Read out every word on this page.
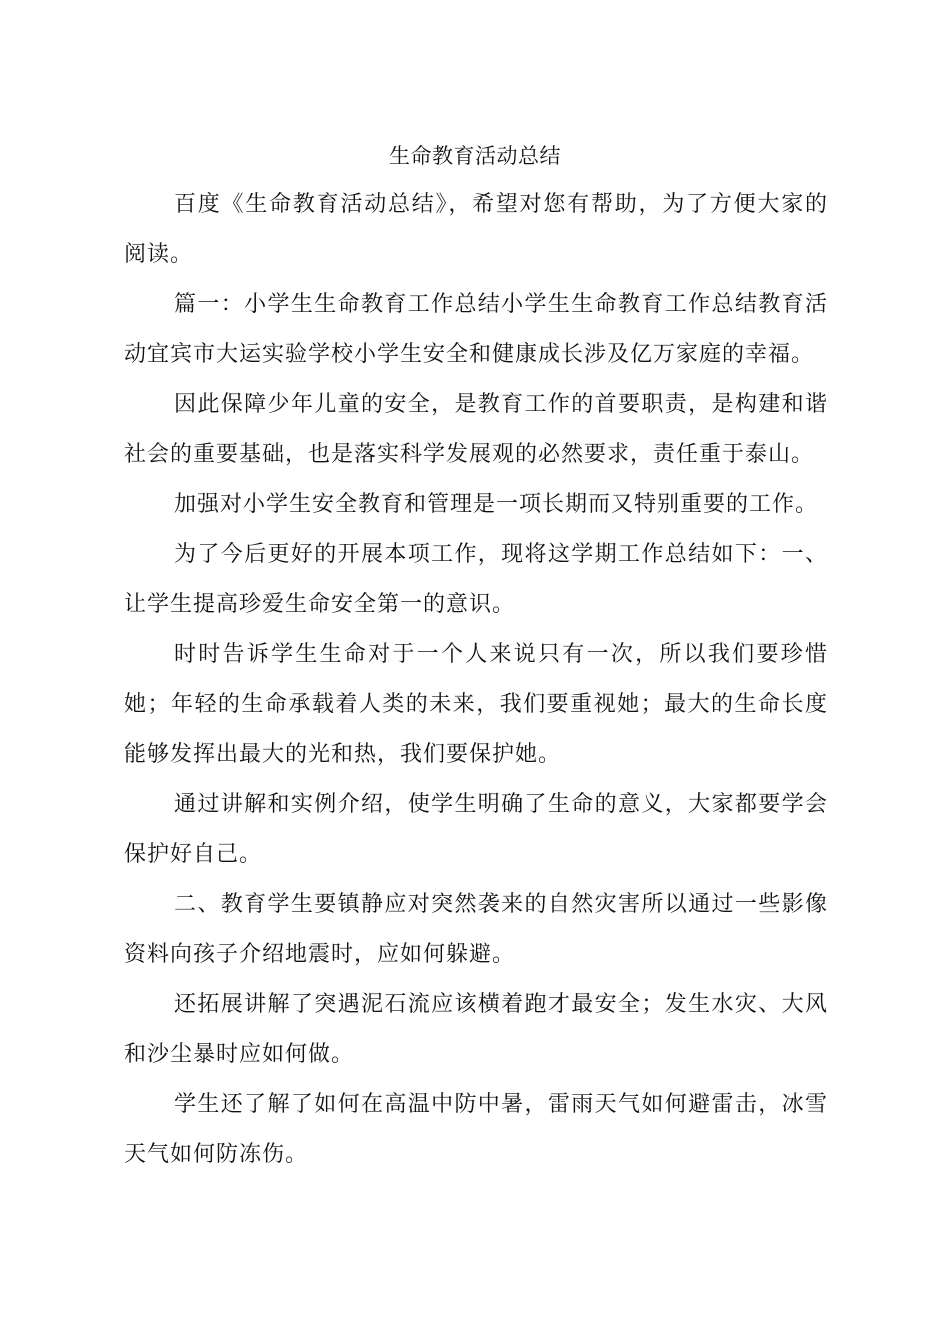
生命教育活动总结

百度《生命教育活动总结》，希望对您有帮助，为了方便大家的阅读。

篇一：小学生生命教育工作总结小学生生命教育工作总结教育活动宜宾市大运实验学校小学生安全和健康成长涉及亿万家庭的幸福。

因此保障少年儿童的安全，是教育工作的首要职责，是构建和谐社会的重要基础，也是落实科学发展观的必然要求，责任重于泰山。

加强对小学生安全教育和管理是一项长期而又特别重要的工作。

为了今后更好的开展本项工作，现将这学期工作总结如下：一、让学生提高珍爱生命安全第一的意识。

时时告诉学生生命对于一个人来说只有一次，所以我们要珍惜她；年轻的生命承载着人类的未来，我们要重视她；最大的生命长度能够发挥出最大的光和热，我们要保护她。

通过讲解和实例介绍，使学生明确了生命的意义，大家都要学会保护好自己。

二、教育学生要镇静应对突然袭来的自然灾害所以通过一些影像资料向孩子介绍地震时，应如何躲避。

还拓展讲解了突遇泥石流应该横着跑才最安全；发生水灾、大风和沙尘暴时应如何做。

学生还了解了如何在高温中防中暑，雷雨天气如何避雷击，冰雪天气如何防冻伤。
